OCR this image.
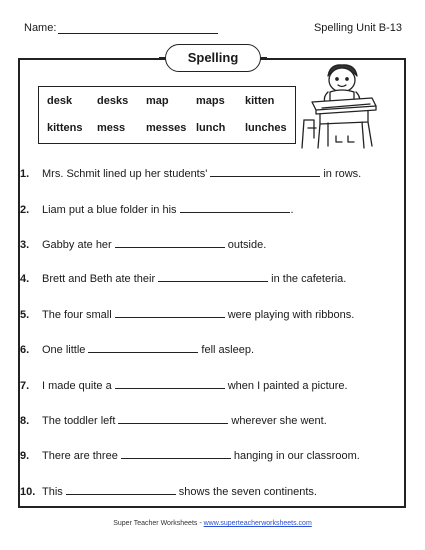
Name:	Spelling Unit B-13
Spelling
desk desks map maps kitten
kittens mess messes lunch lunches
1.	Mrs. Schmit lined up her students'	in rows.
2.	Liam put a blue folder in his	.
3.	Gabby ate her	outside.
4.	Brett and Beth ate their	in the cafeteria.
5.	The four small	were playing with ribbons.
6.	One little	fell asleep.
7.	I made quite a	when I painted a picture.
8.	The toddler left	wherever she went.
9.	There are three	hanging in our classroom.
10. This	shows the seven continents.
Super Teacher Worksheets - www.superteacherworksheets.com
